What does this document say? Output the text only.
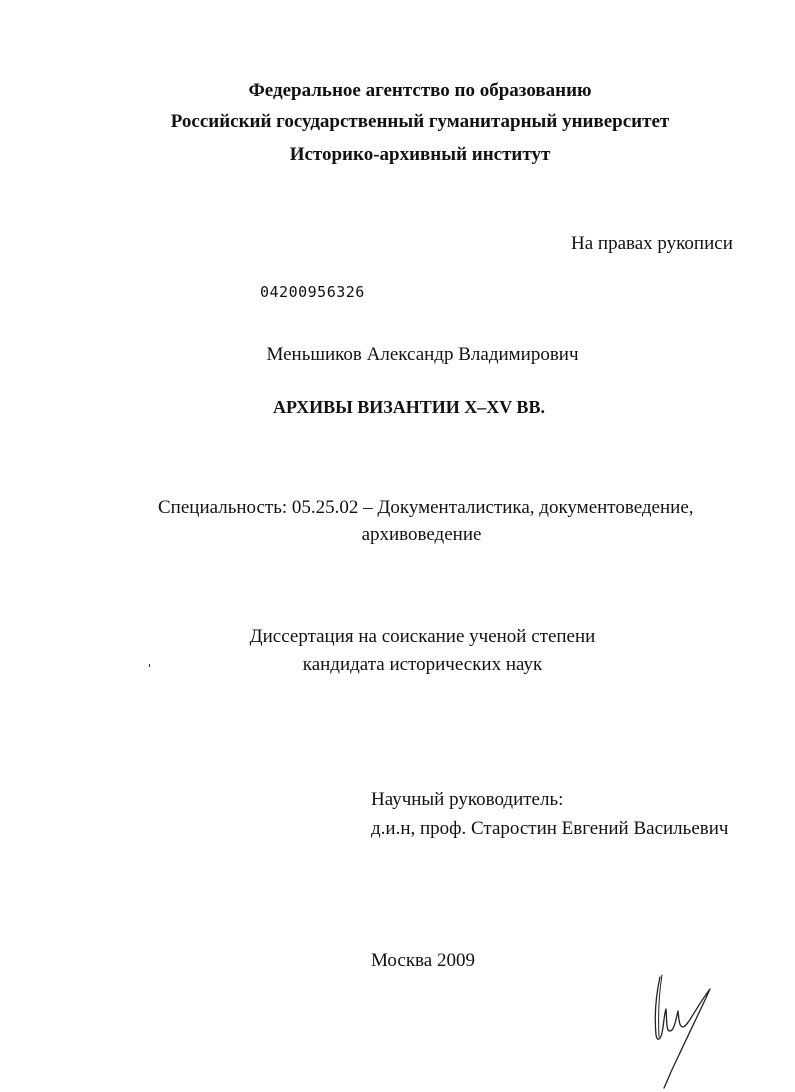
Федеральное агентство по образованию
Российский государственный гуманитарный университет
Историко-архивный институт
На правах рукописи
04200956326
Меньшиков Александр Владимирович
АРХИВЫ ВИЗАНТИИ X–XV ВВ.
Специальность: 05.25.02 – Документалистика, документоведение,
архивоведение
Диссертация на соискание ученой степени
кандидата исторических наук
Научный руководитель:
д.и.н, проф. Старостин Евгений Васильевич
Москва 2009
